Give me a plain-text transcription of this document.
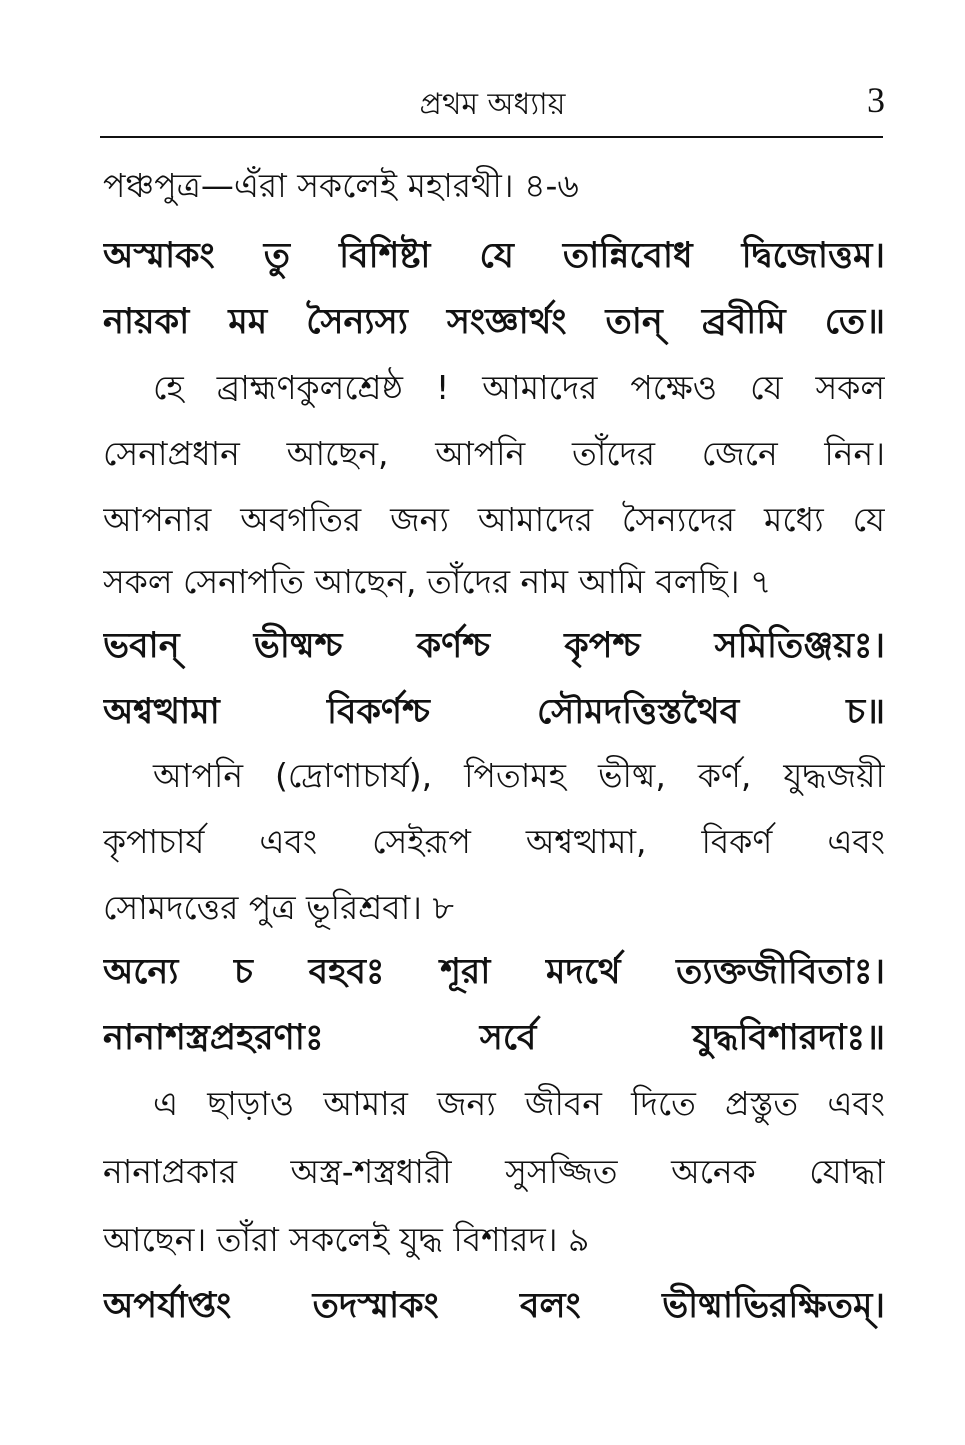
প্রথম অধ্যায়	3
পঞ্চপুত্র—এঁরা সকলেই মহারথী। ৪-৬
অস্মাকং তু বিশিষ্টা যে তান্নিবোধ দ্বিজোত্তম।
নায়কা মম সৈন্যস্য সংজ্ঞার্থং তান্ ব্রবীমি তে॥
হে ব্রাহ্মণকুলশ্রেষ্ঠ ! আমাদের পক্ষেও যে সকল
সেনাপ্রধান আছেন, আপনি তাঁদের জেনে নিন।
আপনার অবগতির জন্য আমাদের সৈন্যদের মধ্যে যে
সকল সেনাপতি আছেন, তাঁদের নাম আমি বলছি। ৭
ভবান্ ভীষ্মশ্চ কর্ণশ্চ কৃপশ্চ সমিতিঞ্জয়ঃ।
অশ্বত্থামা বিকর্ণশ্চ সৌমদত্তিস্তথৈব চ॥
আপনি (দ্রোণাচার্য), পিতামহ ভীষ্ম, কর্ণ, যুদ্ধজয়ী
কৃপাচার্য এবং সেইরূপ অশ্বত্থামা, বিকর্ণ এবং
সোমদত্তের পুত্র ভূরিশ্রবা। ৮
অন্যে চ বহবঃ শূরা মদর্থে ত্যক্তজীবিতাঃ।
নানাশস্ত্রপ্রহরণাঃ সর্বে যুদ্ধবিশারদাঃ॥
এ ছাড়াও আমার জন্য জীবন দিতে প্রস্তুত এবং
নানাপ্রকার অস্ত্র-শস্ত্রধারী সুসজ্জিত অনেক যোদ্ধা
আছেন। তাঁরা সকলেই যুদ্ধ বিশারদ। ৯
অপর্যাপ্তং তদস্মাকং বলং ভীষ্মাভিরক্ষিতম্।
